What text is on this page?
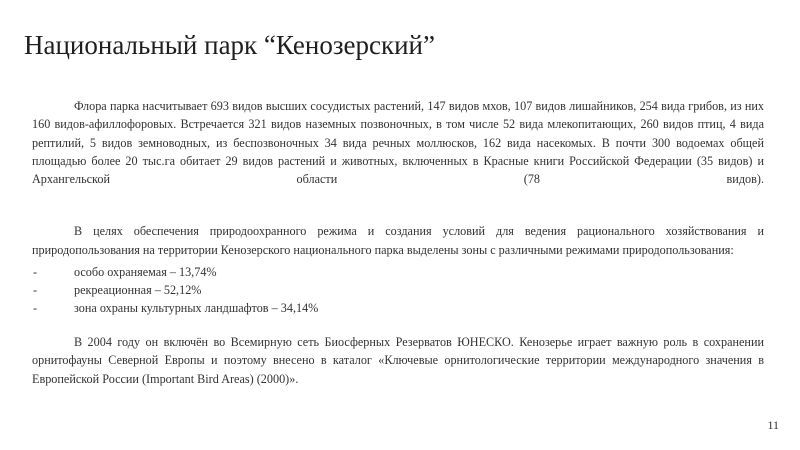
Национальный парк “Кенозерский”

Флора парка насчитывает 693 видов высших сосудистых растений, 147 видов мхов, 107 видов лишайников, 254 вида грибов, из них 160 видов-афиллофоровых. Встречается 321 видов наземных позвоночных, в том числе 52 вида млекопитающих, 260 видов птиц, 4 вида рептилий, 5 видов земноводных, из беспозвоночных 34 вида речных моллюсков, 162 вида насекомых. В почти 300 водоемах общей площадью более 20 тыс.га обитает 29 видов растений и животных, включенных в Красные книги Российской Федерации (35 видов) и Архангельской области (78 видов).

В целях обеспечения природоохранного режима и создания условий для ведения рационального хозяйствования и природопользования на территории Кенозерского национального парка выделены зоны с различными режимами природопользования:

-	особо охраняемая – 13,74%
-	рекреационная – 52,12%
-	зона охраны культурных ландшафтов – 34,14%

В 2004 году он включён во Всемирную сеть Биосферных Резерватов ЮНЕСКО. Кенозерье играет важную роль в сохранении орнитофауны Северной Европы и поэтому внесено в каталог «Ключевые орнитологические территории международного значения в Европейской России (Important Bird Areas) (2000)».

11
